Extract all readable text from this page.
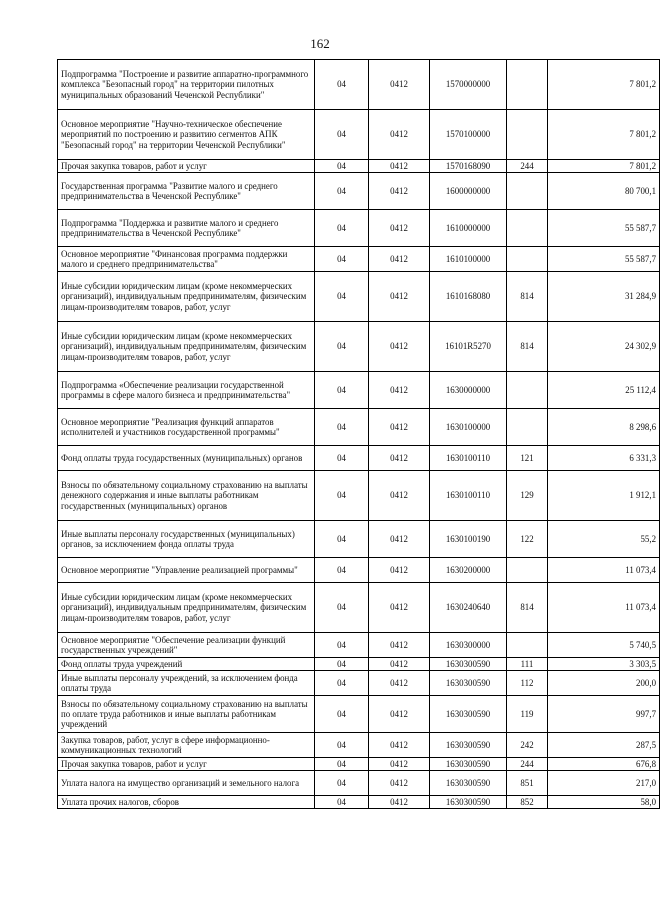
162
Подпрограмма "Построение и развитие аппаратно-программного комплекса "Безопасный город" на территории пилотных муниципальных образований Чеченской Республики"	04	0412	1570000000		7 801,2
Основное мероприятие "Научно-техническое обеспечение мероприятий по построению и развитию сегментов АПК "Безопасный город" на территории Чеченской Республики"	04	0412	1570100000		7 801,2
Прочая закупка товаров, работ и услуг	04	0412	1570168090	244	7 801,2
Государственная программа "Развитие малого и среднего предпринимательства в Чеченской Республике"	04	0412	1600000000		80 700,1
Подпрограмма "Поддержка и развитие малого и среднего предпринимательства в Чеченской Республике"	04	0412	1610000000		55 587,7
Основное мероприятие "Финансовая программа поддержки малого и среднего предпринимательства"	04	0412	1610100000		55 587,7
Иные субсидии юридическим лицам (кроме некоммерческих организаций), индивидуальным предпринимателям, физическим лицам-производителям товаров, работ, услуг	04	0412	1610168080	814	31 284,9
Иные субсидии юридическим лицам (кроме некоммерческих организаций), индивидуальным предпринимателям, физическим лицам-производителям товаров, работ, услуг	04	0412	16101R5270	814	24 302,9
Подпрограмма «Обеспечение реализации государственной программы в сфере малого бизнеса и предпринимательства"	04	0412	1630000000		25 112,4
Основное мероприятие "Реализация функций аппаратов исполнителей и участников государственной программы"	04	0412	1630100000		8 298,6
Фонд оплаты труда государственных (муниципальных) органов	04	0412	1630100110	121	6 331,3
Взносы по обязательному социальному страхованию на выплаты денежного содержания и иные выплаты работникам государственных (муниципальных) органов	04	0412	1630100110	129	1 912,1
Иные выплаты персоналу государственных (муниципальных) органов, за исключением фонда оплаты труда	04	0412	1630100190	122	55,2
Основное мероприятие "Управление реализацией программы"	04	0412	1630200000		11 073,4
Иные субсидии юридическим лицам (кроме некоммерческих организаций), индивидуальным предпринимателям, физическим лицам-производителям товаров, работ, услуг	04	0412	1630240640	814	11 073,4
Основное мероприятие "Обеспечение реализации функций государственных учреждений"	04	0412	1630300000		5 740,5
Фонд оплаты труда учреждений	04	0412	1630300590	111	3 303,5
Иные выплаты персоналу учреждений, за исключением фонда оплаты труда	04	0412	1630300590	112	200,0
Взносы по обязательному социальному страхованию на выплаты по оплате труда работников и иные выплаты работникам учреждений	04	0412	1630300590	119	997,7
Закупка товаров, работ, услуг в сфере информационно-коммуникационных технологий	04	0412	1630300590	242	287,5
Прочая закупка товаров, работ и услуг	04	0412	1630300590	244	676,8
Уплата налога на имущество организаций и земельного налога	04	0412	1630300590	851	217,0
Уплата прочих налогов, сборов	04	0412	1630300590	852	58,0
